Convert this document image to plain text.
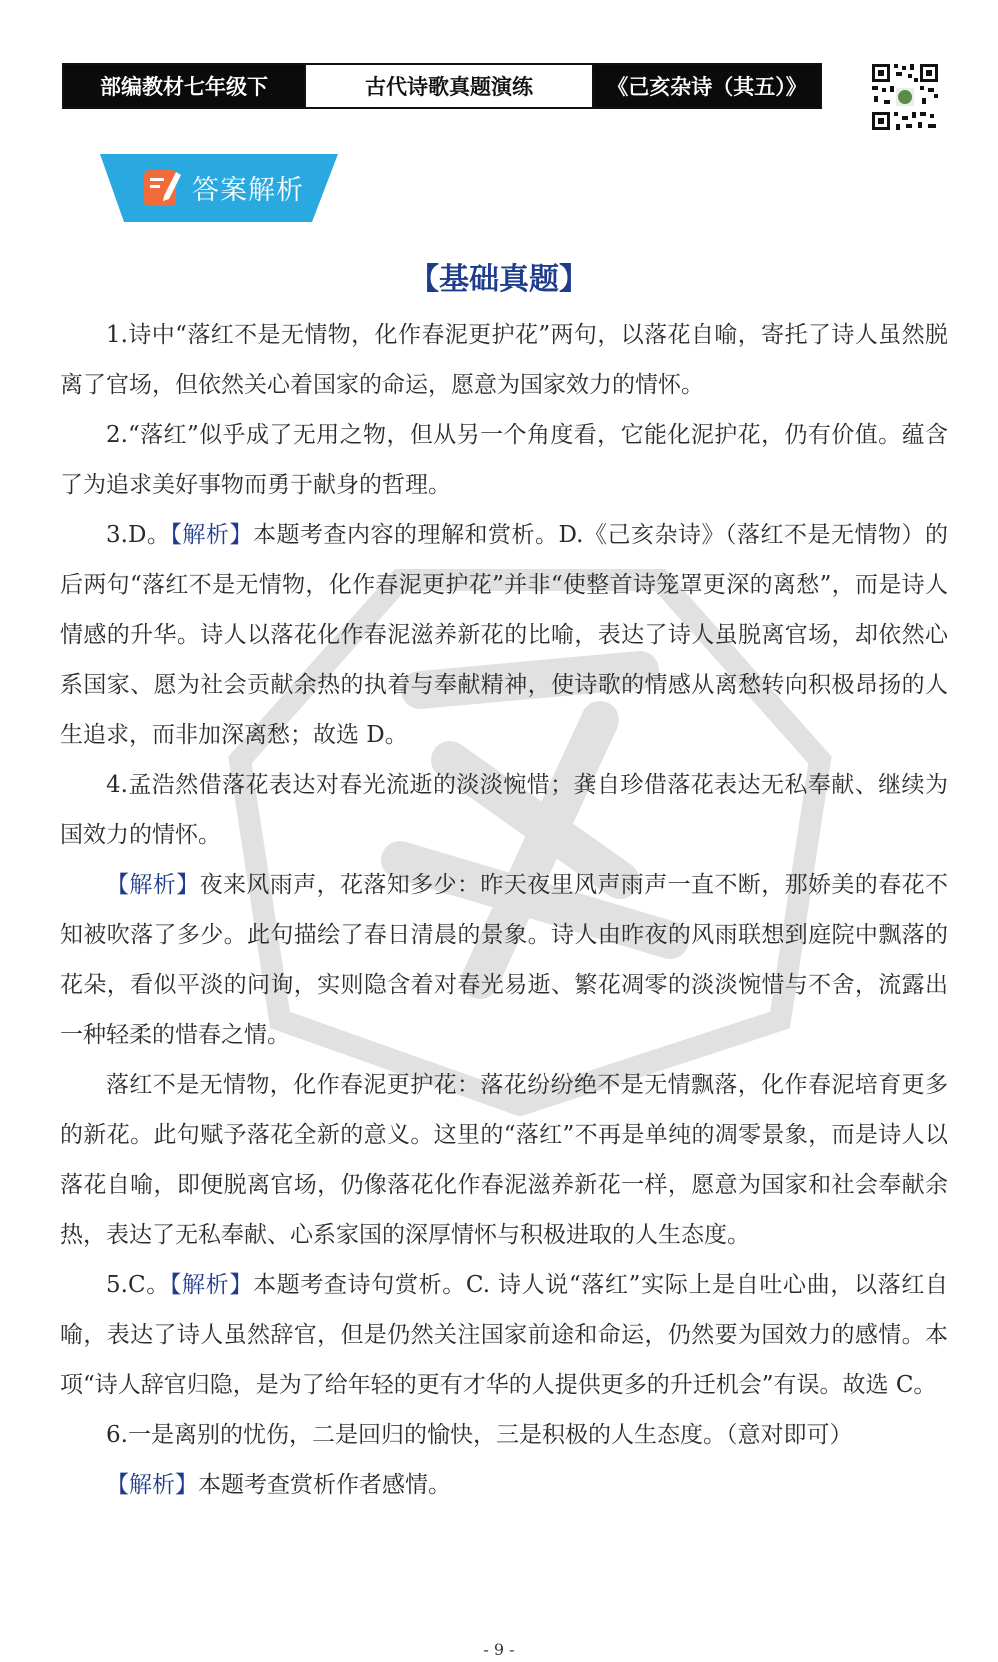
部编教材七年级下	古代诗歌真题演练	《己亥杂诗（其五）》
答案解析
【基础真题】

1.诗中“落红不是无情物，化作春泥更护花”两句，以落花自喻，寄托了诗人虽然脱离了官场，但依然关心着国家的命运，愿意为国家效力的情怀。

2.“落红”似乎成了无用之物，但从另一个角度看，它能化泥护花，仍有价值。蕴含了为追求美好事物而勇于献身的哲理。

3.D。【解析】本题考查内容的理解和赏析。D.《己亥杂诗》（落红不是无情物）的后两句“落红不是无情物，化作春泥更护花”并非“使整首诗笼罩更深的离愁”，而是诗人情感的升华。诗人以落花化作春泥滋养新花的比喻，表达了诗人虽脱离官场，却依然心系国家、愿为社会贡献余热的执着与奉献精神，使诗歌的情感从离愁转向积极昂扬的人生追求，而非加深离愁；故选 D。

4.孟浩然借落花表达对春光流逝的淡淡惋惜；龚自珍借落花表达无私奉献、继续为国效力的情怀。

【解析】夜来风雨声，花落知多少：昨天夜里风声雨声一直不断，那娇美的春花不知被吹落了多少。此句描绘了春日清晨的景象。诗人由昨夜的风雨联想到庭院中飘落的花朵，看似平淡的问询，实则隐含着对春光易逝、繁花凋零的淡淡惋惜与不舍，流露出一种轻柔的惜春之情。

落红不是无情物，化作春泥更护花：落花纷纷绝不是无情飘落，化作春泥培育更多的新花。此句赋予落花全新的意义。这里的“落红”不再是单纯的凋零景象，而是诗人以落花自喻，即便脱离官场，仍像落花化作春泥滋养新花一样，愿意为国家和社会奉献余热，表达了无私奉献、心系家国的深厚情怀与积极进取的人生态度。

5.C。【解析】本题考查诗句赏析。C. 诗人说“落红”实际上是自吐心曲，以落红自喻，表达了诗人虽然辞官，但是仍然关注国家前途和命运，仍然要为国效力的感情。本项“诗人辞官归隐，是为了给年轻的更有才华的人提供更多的升迁机会”有误。故选 C。

6.一是离别的忧伤，二是回归的愉快，三是积极的人生态度。（意对即可）

【解析】本题考查赏析作者感情。

- 9 -
